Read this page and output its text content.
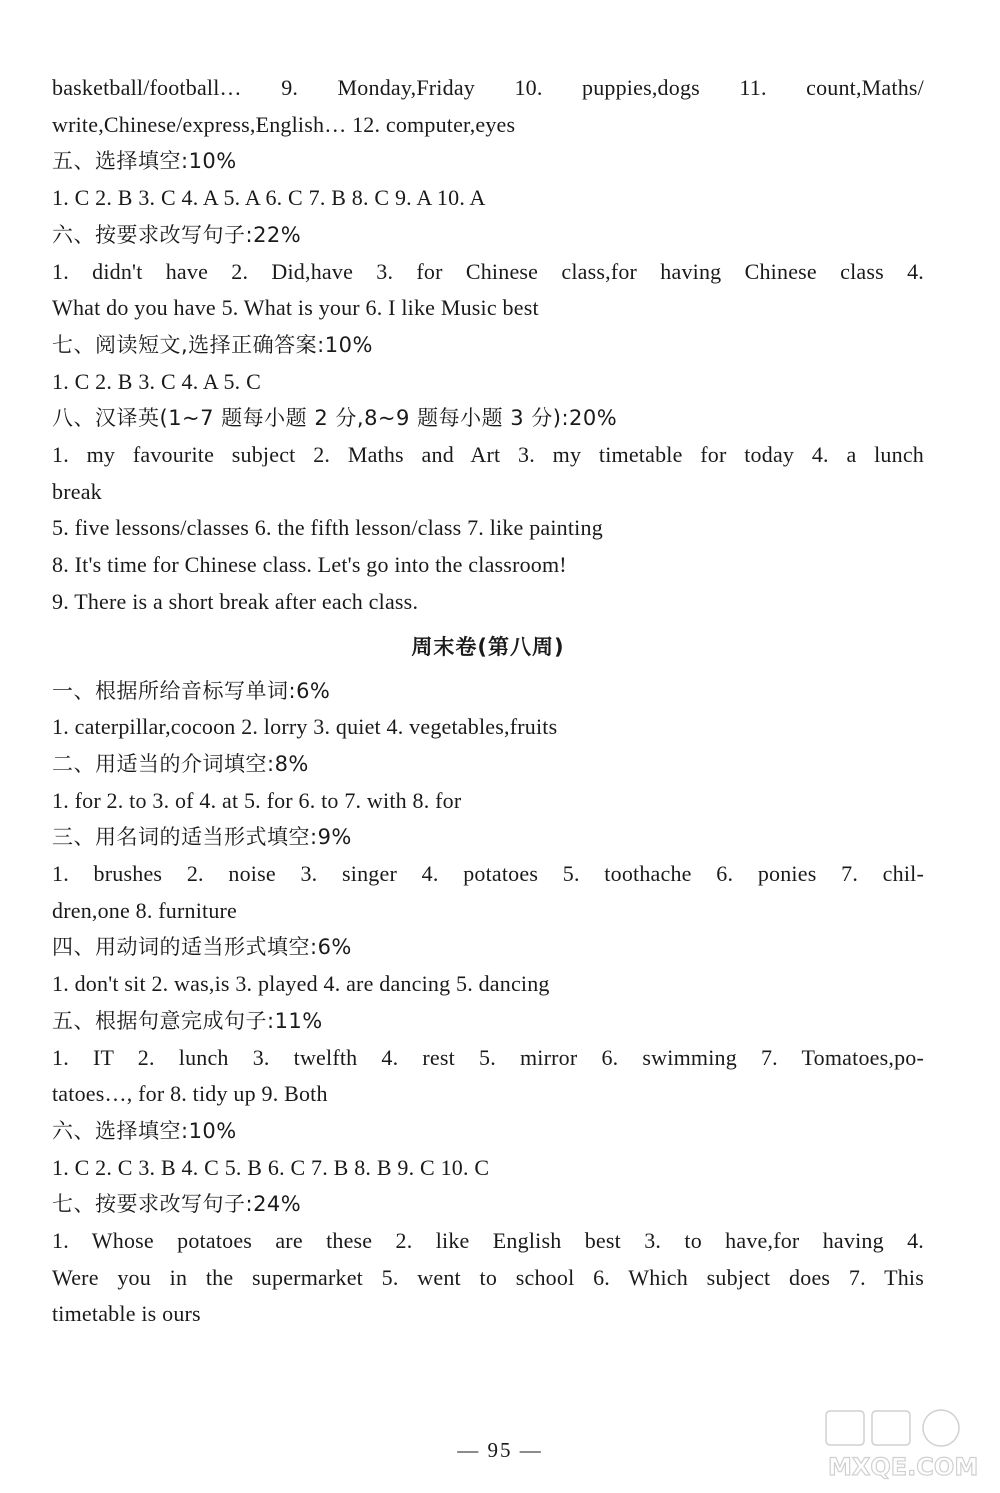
basketball/football… 9. Monday,Friday 10. puppies,dogs 11. count,Maths/
write,Chinese/express,English… 12. computer,eyes
五、选择填空:10%
1. C 2. B 3. C 4. A 5. A 6. C 7. B 8. C 9. A 10. A
六、按要求改写句子:22%
1. didn't have 2. Did,have 3. for Chinese class,for having Chinese class 4.
What do you have 5. What is your 6. I like Music best
七、阅读短文,选择正确答案:10%
1. C 2. B 3. C 4. A 5. C
八、汉译英(1~7 题每小题 2 分,8~9 题每小题 3 分):20%
1. my favourite subject 2. Maths and Art 3. my timetable for today 4. a lunch
break
5. five lessons/classes 6. the fifth lesson/class 7. like painting
8. It's time for Chinese class. Let's go into the classroom!
9. There is a short break after each class.
周末卷(第八周)
一、根据所给音标写单词:6%
1. caterpillar,cocoon 2. lorry 3. quiet 4. vegetables,fruits
二、用适当的介词填空:8%
1. for 2. to 3. of 4. at 5. for 6. to 7. with 8. for
三、用名词的适当形式填空:9%
1. brushes 2. noise 3. singer 4. potatoes 5. toothache 6. ponies 7. chil-
dren,one 8. furniture
四、用动词的适当形式填空:6%
1. don't sit 2. was,is 3. played 4. are dancing 5. dancing
五、根据句意完成句子:11%
1. IT 2. lunch 3. twelfth 4. rest 5. mirror 6. swimming 7. Tomatoes,po-
tatoes…, for 8. tidy up 9. Both
六、选择填空:10%
1. C 2. C 3. B 4. C 5. B 6. C 7. B 8. B 9. C 10. C
七、按要求改写句子:24%
1. Whose potatoes are these 2. like English best 3. to have,for having 4.
Were you in the supermarket 5. went to school 6. Which subject does 7. This
timetable is ours
— 95 —
MXQE.COM
